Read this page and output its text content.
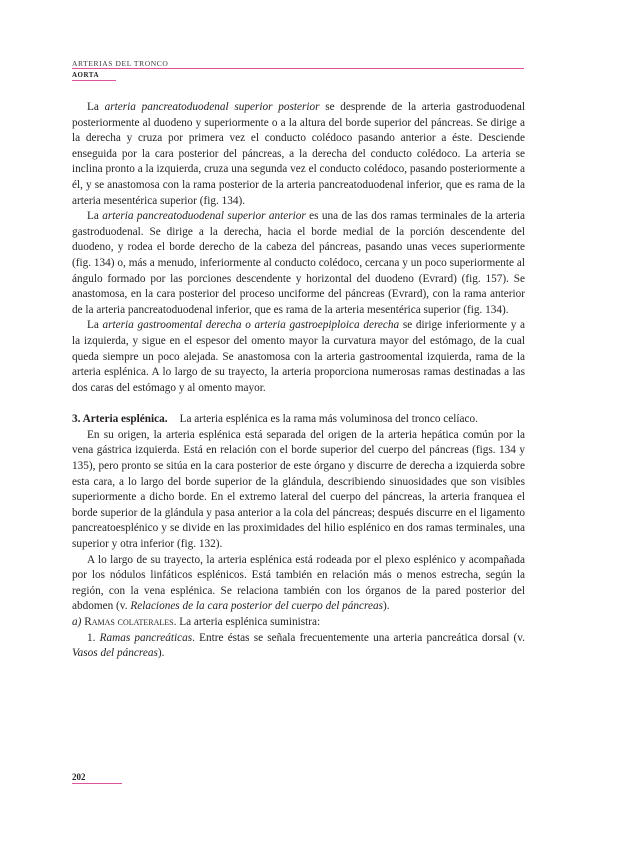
ARTERIAS DEL TRONCO
AORTA

La arteria pancreatoduodenal superior posterior se desprende de la arteria gastroduodenal posteriormente al duodeno y superiormente o a la altura del borde superior del páncreas. Se dirige a la derecha y cruza por primera vez el conducto colédoco pasando anterior a éste. Desciende enseguida por la cara posterior del páncreas, a la derecha del conducto colédoco. La arteria se inclina pronto a la izquierda, cruza una segunda vez el conducto colédoco, pasando posteriormente a él, y se anastomosa con la rama posterior de la arteria pancreatoduodenal inferior, que es rama de la arteria mesentérica superior (fig. 134).

La arteria pancreatoduodenal superior anterior es una de las dos ramas terminales de la arteria gastroduodenal. Se dirige a la derecha, hacia el borde medial de la porción descendente del duodeno, y rodea el borde derecho de la cabeza del páncreas, pasando unas veces superiormente (fig. 134) o, más a menudo, inferiormente al conducto colédoco, cercana y un poco superiormente al ángulo formado por las porciones descendente y horizontal del duodeno (Evrard) (fig. 157). Se anastomosa, en la cara posterior del proceso unciforme del páncreas (Evrard), con la rama anterior de la arteria pancreatoduodenal inferior, que es rama de la arteria mesentérica superior (fig. 134).

La arteria gastroomental derecha o arteria gastroepiploica derecha se dirige inferiormente y a la izquierda, y sigue en el espesor del omento mayor la curvatura mayor del estómago, de la cual queda siempre un poco alejada. Se anastomosa con la arteria gastroomental izquierda, rama de la arteria esplénica. A lo largo de su trayecto, la arteria proporciona numerosas ramas destinadas a las dos caras del estómago y al omento mayor.

3. Arteria esplénica. La arteria esplénica es la rama más voluminosa del tronco celíaco.

En su origen, la arteria esplénica está separada del origen de la arteria hepática común por la vena gástrica izquierda. Está en relación con el borde superior del cuerpo del páncreas (figs. 134 y 135), pero pronto se sitúa en la cara posterior de este órgano y discurre de derecha a izquierda sobre esta cara, a lo largo del borde superior de la glándula, describiendo sinuosidades que son visibles superiormente a dicho borde. En el extremo lateral del cuerpo del páncreas, la arteria franquea el borde superior de la glándula y pasa anterior a la cola del páncreas; después discurre en el ligamento pancreatoesplénico y se divide en las proximidades del hilio esplénico en dos ramas terminales, una superior y otra inferior (fig. 132).

A lo largo de su trayecto, la arteria esplénica está rodeada por el plexo esplénico y acompañada por los nódulos linfáticos esplénicos. Está también en relación más o menos estrecha, según la región, con la vena esplénica. Se relaciona también con los órganos de la pared posterior del abdomen (v. Relaciones de la cara posterior del cuerpo del páncreas).

a) Ramas colaterales. La arteria esplénica suministra:

1. Ramas pancreáticas. Entre éstas se señala frecuentemente una arteria pancreática dorsal (v. Vasos del páncreas).

202
